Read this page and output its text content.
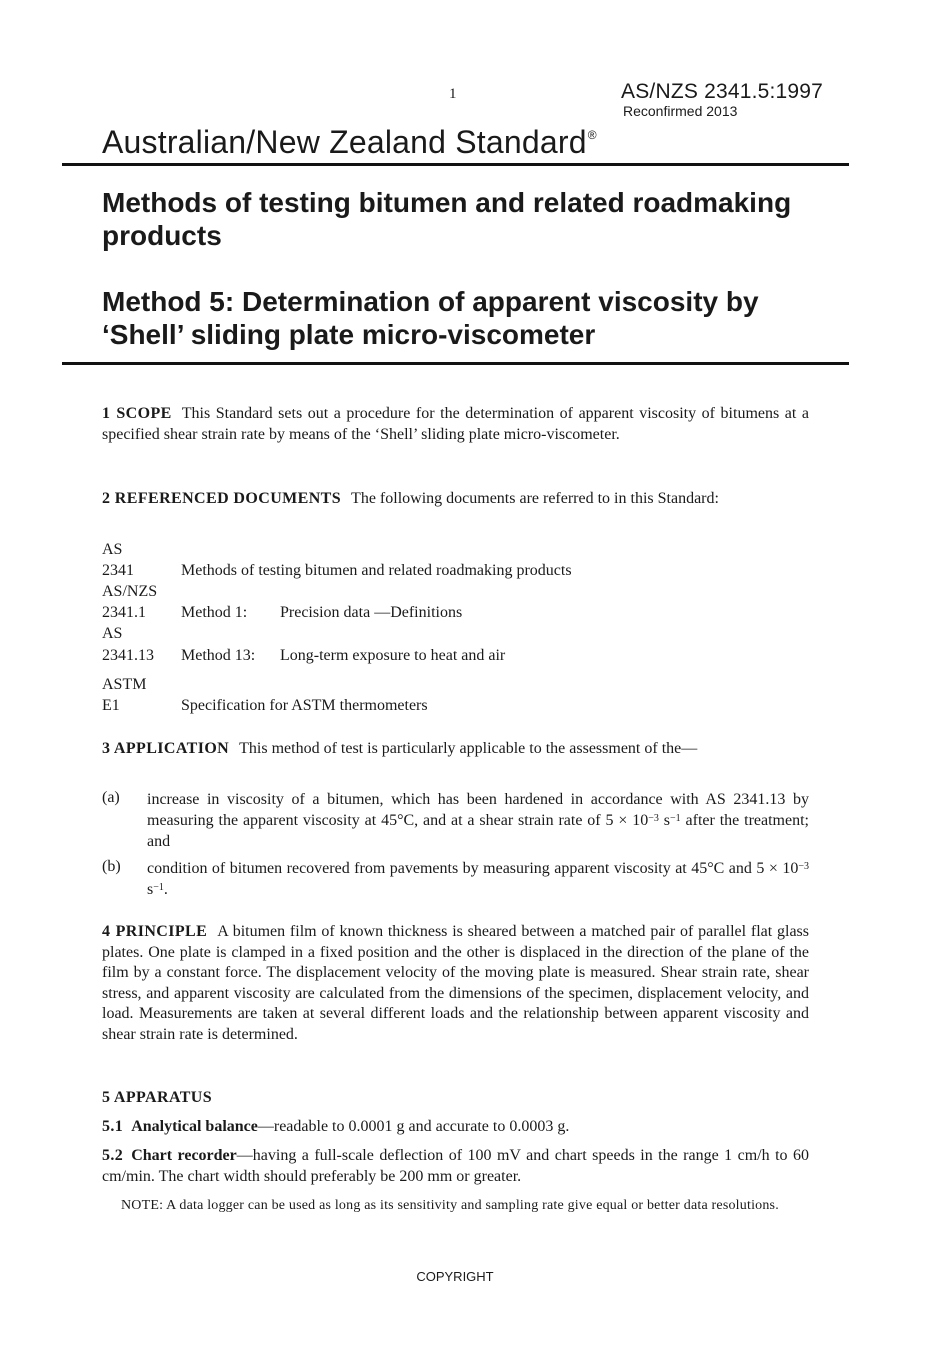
1	AS/NZS 2341.5:1997
Reconfirmed 2013
Australian/New Zealand Standard®
Methods of testing bitumen and related roadmaking products
Method 5: Determination of apparent viscosity by ‘Shell’ sliding plate micro-viscometer
1 SCOPE This Standard sets out a procedure for the determination of apparent viscosity of bitumens at a specified shear strain rate by means of the ‘Shell’ sliding plate micro-viscometer.
2 REFERENCED DOCUMENTS The following documents are referred to in this Standard:
AS
2341	Methods of testing bitumen and related roadmaking products
AS/NZS
2341.1 Method 1: Precision data —Definitions
AS
2341.13 Method 13: Long-term exposure to heat and air
ASTM
E1	Specification for ASTM thermometers
3 APPLICATION This method of test is particularly applicable to the assessment of the—
(a) increase in viscosity of a bitumen, which has been hardened in accordance with AS 2341.13 by measuring the apparent viscosity at 45°C, and at a shear strain rate of $5 \times 10^{-3}$ $s^{-1}$ after the treatment; and
(b) condition of bitumen recovered from pavements by measuring apparent viscosity at 45°C and $5 \times 10^{-3}$ $s^{-1}$.
4 PRINCIPLE A bitumen film of known thickness is sheared between a matched pair of parallel flat glass plates. One plate is clamped in a fixed position and the other is displaced in the direction of the plane of the film by a constant force. The displacement velocity of the moving plate is measured. Shear strain rate, shear stress, and apparent viscosity are calculated from the dimensions of the specimen, displacement velocity, and load. Measurements are taken at several different loads and the relationship between apparent viscosity and shear strain rate is determined.
5 APPARATUS
5.1 Analytical balance—readable to 0.0001 g and accurate to 0.0003 g.
5.2 Chart recorder—having a full-scale deflection of 100 mV and chart speeds in the range 1 cm/h to 60 cm/min. The chart width should preferably be 200 mm or greater.
NOTE: A data logger can be used as long as its sensitivity and sampling rate give equal or better data resolutions.
COPYRIGHT
